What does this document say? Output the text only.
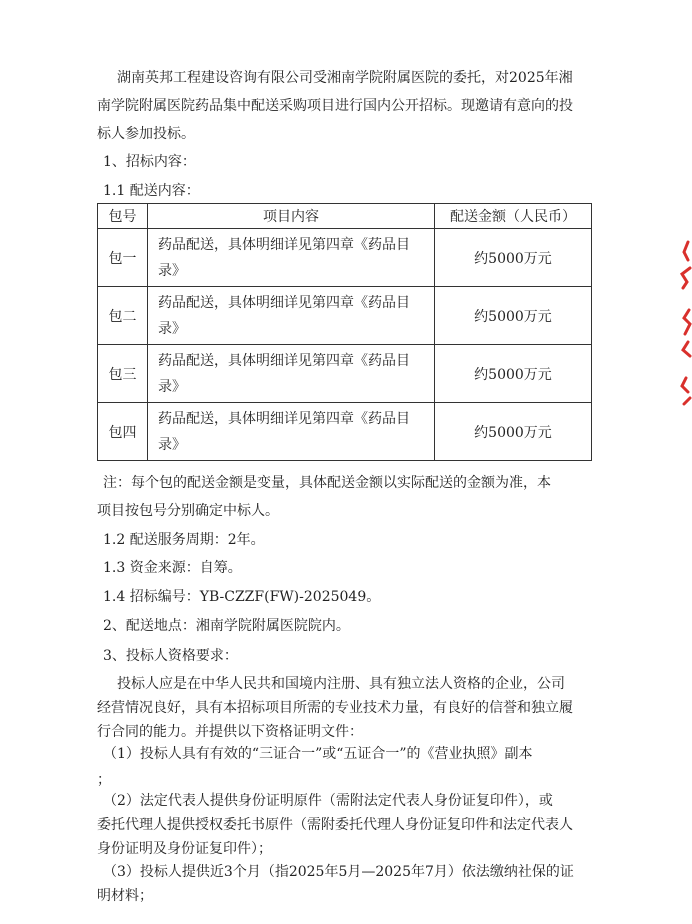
湖南英邦工程建设咨询有限公司受湘南学院附属医院的委托，对2025年湘

南学院附属医院药品集中配送采购项目进行国内公开招标。现邀请有意向的投

标人参加投标。

1、招标内容：

1.1 配送内容：

包号	项目内容	配送金额（人民币）
包一	药品配送，具体明细详见第四章《药品目录》	约5000万元
包二	药品配送，具体明细详见第四章《药品目录》	约5000万元
包三	药品配送，具体明细详见第四章《药品目录》	约5000万元
包四	药品配送，具体明细详见第四章《药品目录》	约5000万元

注：每个包的配送金额是变量，具体配送金额以实际配送的金额为准，本

项目按包号分别确定中标人。

1.2 配送服务周期：2年。

1.3 资金来源：自筹。

1.4 招标编号：YB-CZZF(FW)-2025049。

2、配送地点：湘南学院附属医院院内。

3、投标人资格要求：

投标人应是在中华人民共和国境内注册、具有独立法人资格的企业，公司

经营情况良好，具有本招标项目所需的专业技术力量，有良好的信誉和独立履

行合同的能力。并提供以下资格证明文件：

（1）投标人具有有效的“三证合一”或“五证合一”的《营业执照》副本

；

（2）法定代表人提供身份证明原件（需附法定代表人身份证复印件），或

委托代理人提供授权委托书原件（需附委托代理人身份证复印件和法定代表人

身份证明及身份证复印件）；

（3）投标人提供近3个月（指2025年5月—2025年7月）依法缴纳社保的证

明材料；
